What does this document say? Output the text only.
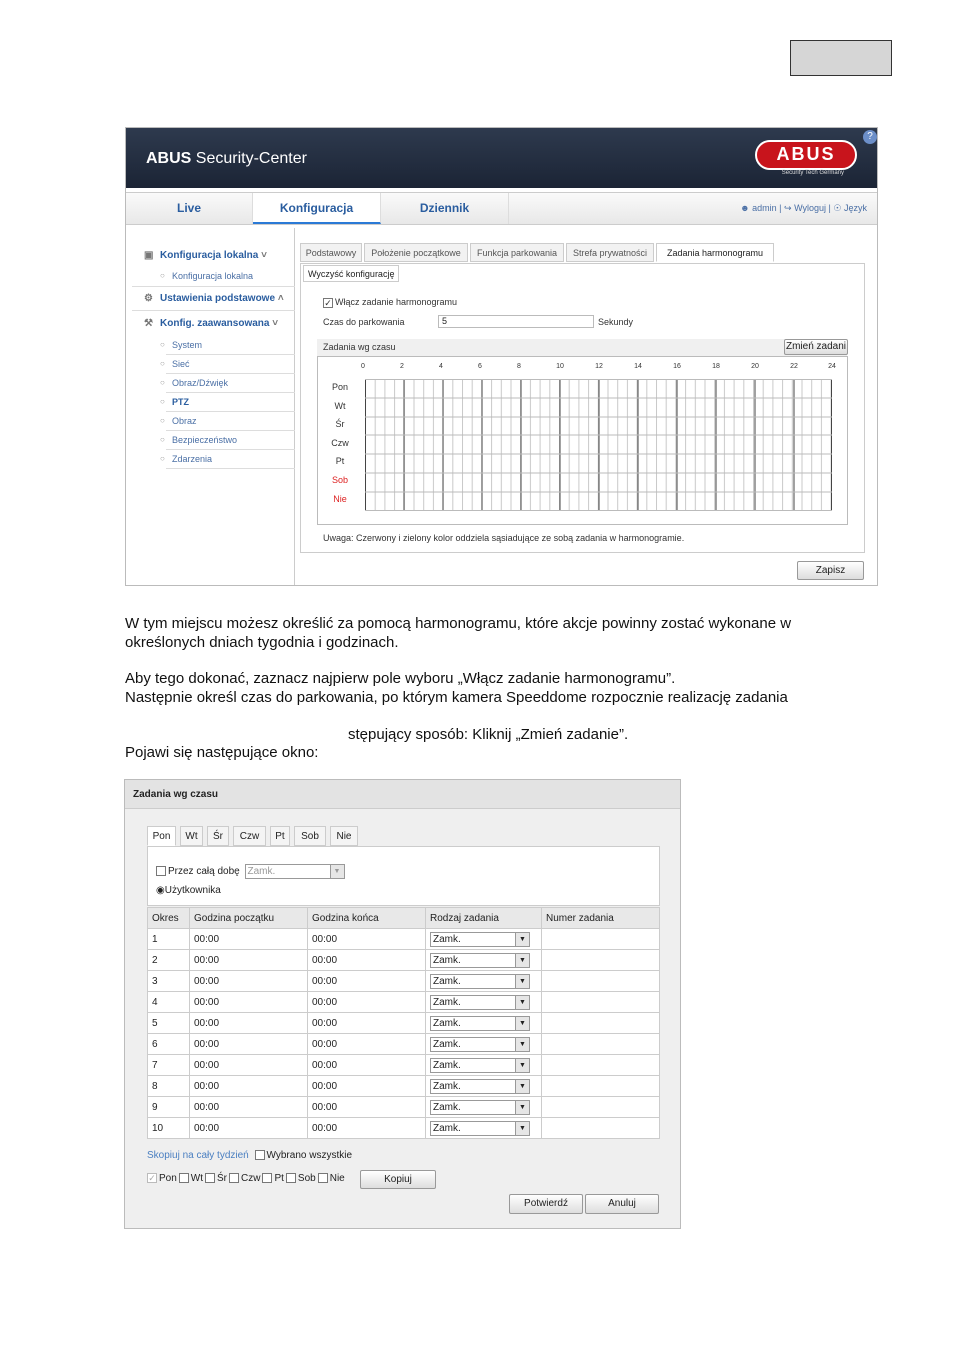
ABUS Security-Center	ABUS
Security Tech Germany
?
Live	Konfiguracja	Dziennik	☻ admin | ↪ Wyloguj | ☉ Język
▣ Konfiguracja lokalna ˅
○ Konfiguracja lokalna
⚙ Ustawienia podstawowe ˄
⚒ Konfig. zaawansowana ˅
○ System
○ Sieć
○ Obraz/Dźwięk
○ PTZ
○ Obraz
○ Bezpieczeństwo
○ Zdarzenia
Podstawowy	Położenie początkowe	Funkcja parkowania	Strefa prywatności	Zadania harmonogramu
Wyczyść konfigurację
✓ Włącz zadanie harmonogramu
Czas do parkowania	5	Sekundy
Zadania wg czasu	Zmień zadani
0	2	4	6	8	10	12	14	16	18	20	22	24
Pon
Wt
Śr
Czw
Pt
Sob
Nie
Uwaga: Czerwony i zielony kolor oddziela sąsiadujące ze sobą zadania w harmonogramie.
Zapisz
W tym miejscu możesz określić za pomocą harmonogramu, które akcje powinny zostać wykonane w
określonych dniach tygodnia i godzinach.
Aby tego dokonać, zaznacz najpierw pole wyboru „Włącz zadanie harmonogramu”.
Następnie określ czas do parkowania, po którym kamera Speeddome rozpocznie realizację zadania
stępujący sposób: Kliknij „Zmień zadanie”.
Pojawi się następujące okno:
Zadania wg czasu
Pon	Wt	Śr	Czw	Pt	Sob	Nie
Przez całą dobę Zamk.	▼
◉Użytkownika
Okres	Godzina początku	Godzina końca	Rodzaj zadania	Numer zadania
1	00:00	00:00	Zamk. ▼	

2	00:00	00:00	Zamk. ▼	

3	00:00	00:00	Zamk. ▼	

4	00:00	00:00	Zamk. ▼	

5	00:00	00:00	Zamk. ▼	

6	00:00	00:00	Zamk. ▼	

7	00:00	00:00	Zamk. ▼	

8	00:00	00:00	Zamk. ▼	

9	00:00	00:00	Zamk. ▼	

10	00:00	00:00	Zamk. ▼	

Skopiuj na cały tydzień Wybrano wszystkie
✓ Pon Wt Śr Czw Pt Sob Nie	Kopiuj
Potwierdź	Anuluj
